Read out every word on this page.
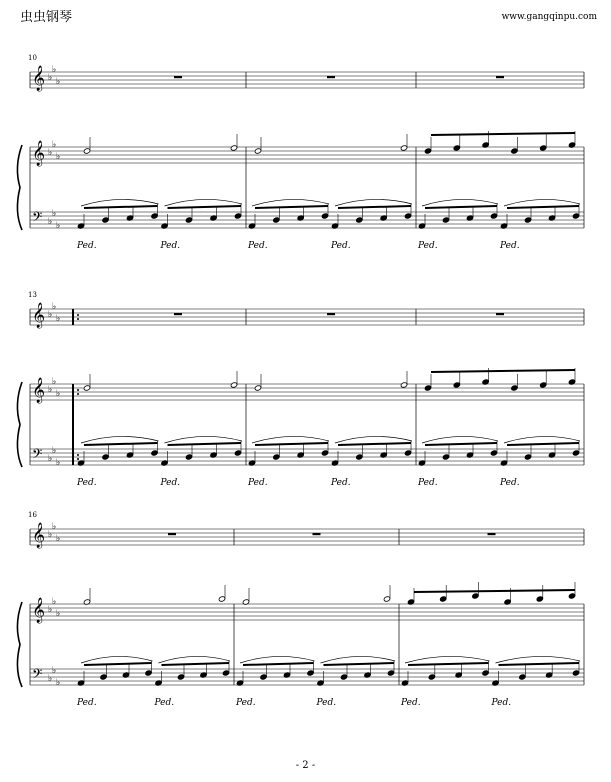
虫虫钢琴	www.gangqinpu.com
10
𝄞
𝄞
𝄢
♭
♭
♭
♭
♭
♭
♭
♭
♭
Ped.	Ped.	Ped.	Ped.	Ped.	Ped.
13
𝄞
𝄞
𝄢
♭
♭
♭
♭
♭
♭
♭
♭
♭
Ped.	Ped.	Ped.	Ped.	Ped.	Ped.
16
𝄞
𝄞
𝄢
♭
♭
♭
♭
♭
♭
♭
♭
♭
Ped.	Ped.	Ped.	Ped.	Ped.	Ped.
- 2 -
